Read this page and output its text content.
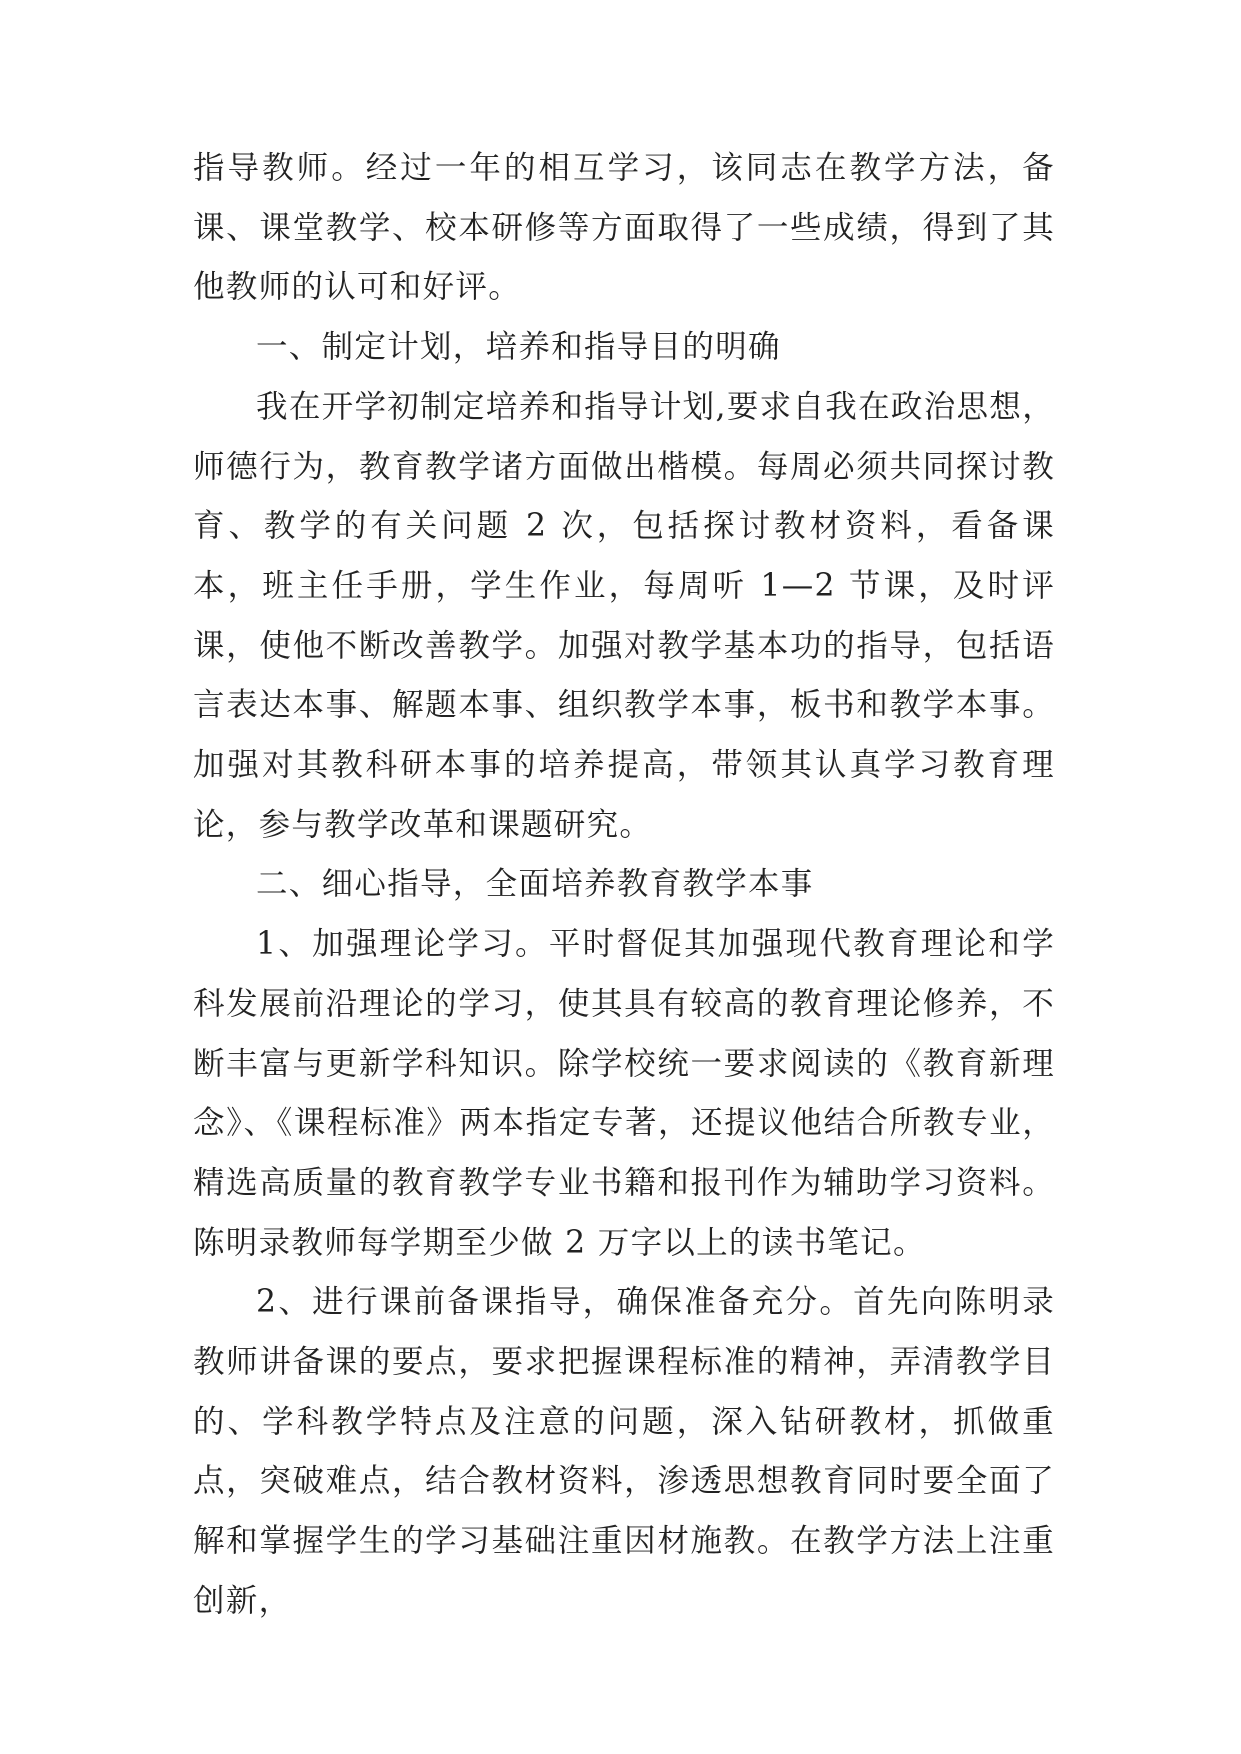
指导教师。经过一年的相互学习，该同志在教学方法，备课、课堂教学、校本研修等方面取得了一些成绩，得到了其他教师的认可和好评。

一、制定计划，培养和指导目的明确

我在开学初制定培养和指导计划,要求自我在政治思想，师德行为，教育教学诸方面做出楷模。每周必须共同探讨教育、教学的有关问题 2 次，包括探讨教材资料，看备课本，班主任手册，学生作业，每周听 1—2 节课，及时评课，使他不断改善教学。加强对教学基本功的指导，包括语言表达本事、解题本事、组织教学本事，板书和教学本事。加强对其教科研本事的培养提高，带领其认真学习教育理论，参与教学改革和课题研究。

二、细心指导，全面培养教育教学本事

1、加强理论学习。平时督促其加强现代教育理论和学科发展前沿理论的学习，使其具有较高的教育理论修养，不断丰富与更新学科知识。除学校统一要求阅读的《教育新理念》、《课程标准》两本指定专著，还提议他结合所教专业，精选高质量的教育教学专业书籍和报刊作为辅助学习资料。陈明录教师每学期至少做 2 万字以上的读书笔记。

2、进行课前备课指导，确保准备充分。首先向陈明录教师讲备课的要点，要求把握课程标准的精神，弄清教学目的、学科教学特点及注意的问题，深入钻研教材，抓做重点，突破难点，结合教材资料，渗透思想教育同时要全面了解和掌握学生的学习基础注重因材施教。在教学方法上注重创新，
